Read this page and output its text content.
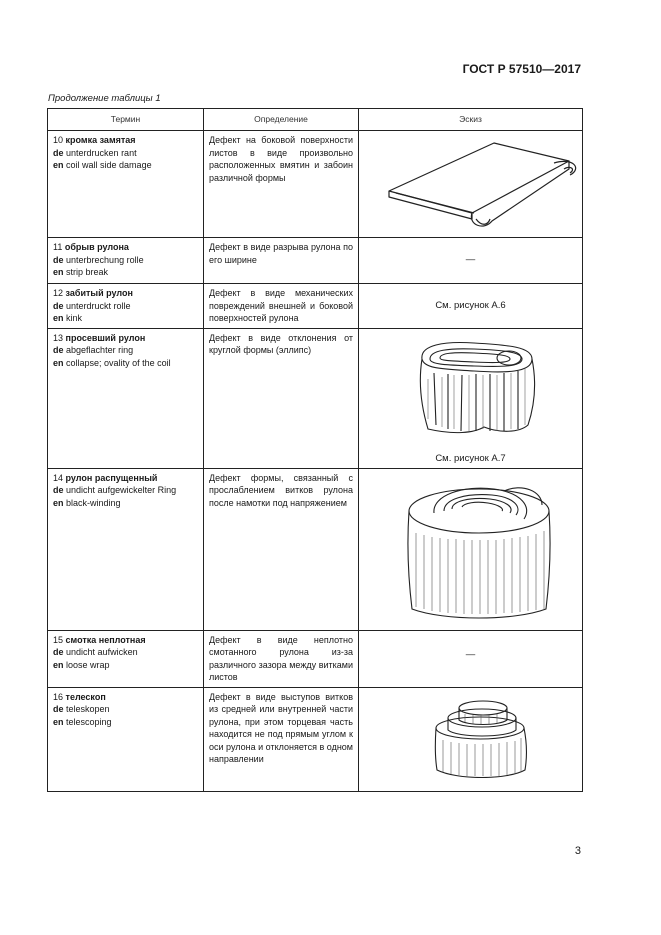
ГОСТ Р 57510—2017
Продолжение таблицы 1
Термин	Определение	Эскиз
10 кромка замятая
de unterdrucken rant
en coil wall side damage	Дефект на боковой поверхности листов в виде произвольно расположенных вмятин и забоин различной формы	

11 обрыв рулона
de unterbrechung rolle
en strip break	Дефект в виде разрыва рулона по его ширине	—

12 забитый рулон
de unterdruckt rolle
en kink	Дефект в виде механических повреждений внешней и боковой поверхностей рулона	См. рисунок А.6

13 просевший рулон
de abgeflachter ring
en collapse; ovality of the coil	Дефект в виде отклонения от круглой формы (эллипс)	См. рисунок А.7

14 рулон распущенный
de undicht aufgewickelter Ring
en black-winding	Дефект формы, связанный с прослаблением витков рулона после намотки под напряжением	

15 смотка неплотная
de undicht aufwicken
en loose wrap	Дефект в виде неплотно смотанного рулона из-за различного зазора между витками листов	—

16 телескоп
de teleskopen
en telescoping	Дефект в виде выступов витков из средней или внутренней части рулона, при этом торцевая часть находится не под прямым углом к оси рулона и отклоняется в одном направлении	
3
